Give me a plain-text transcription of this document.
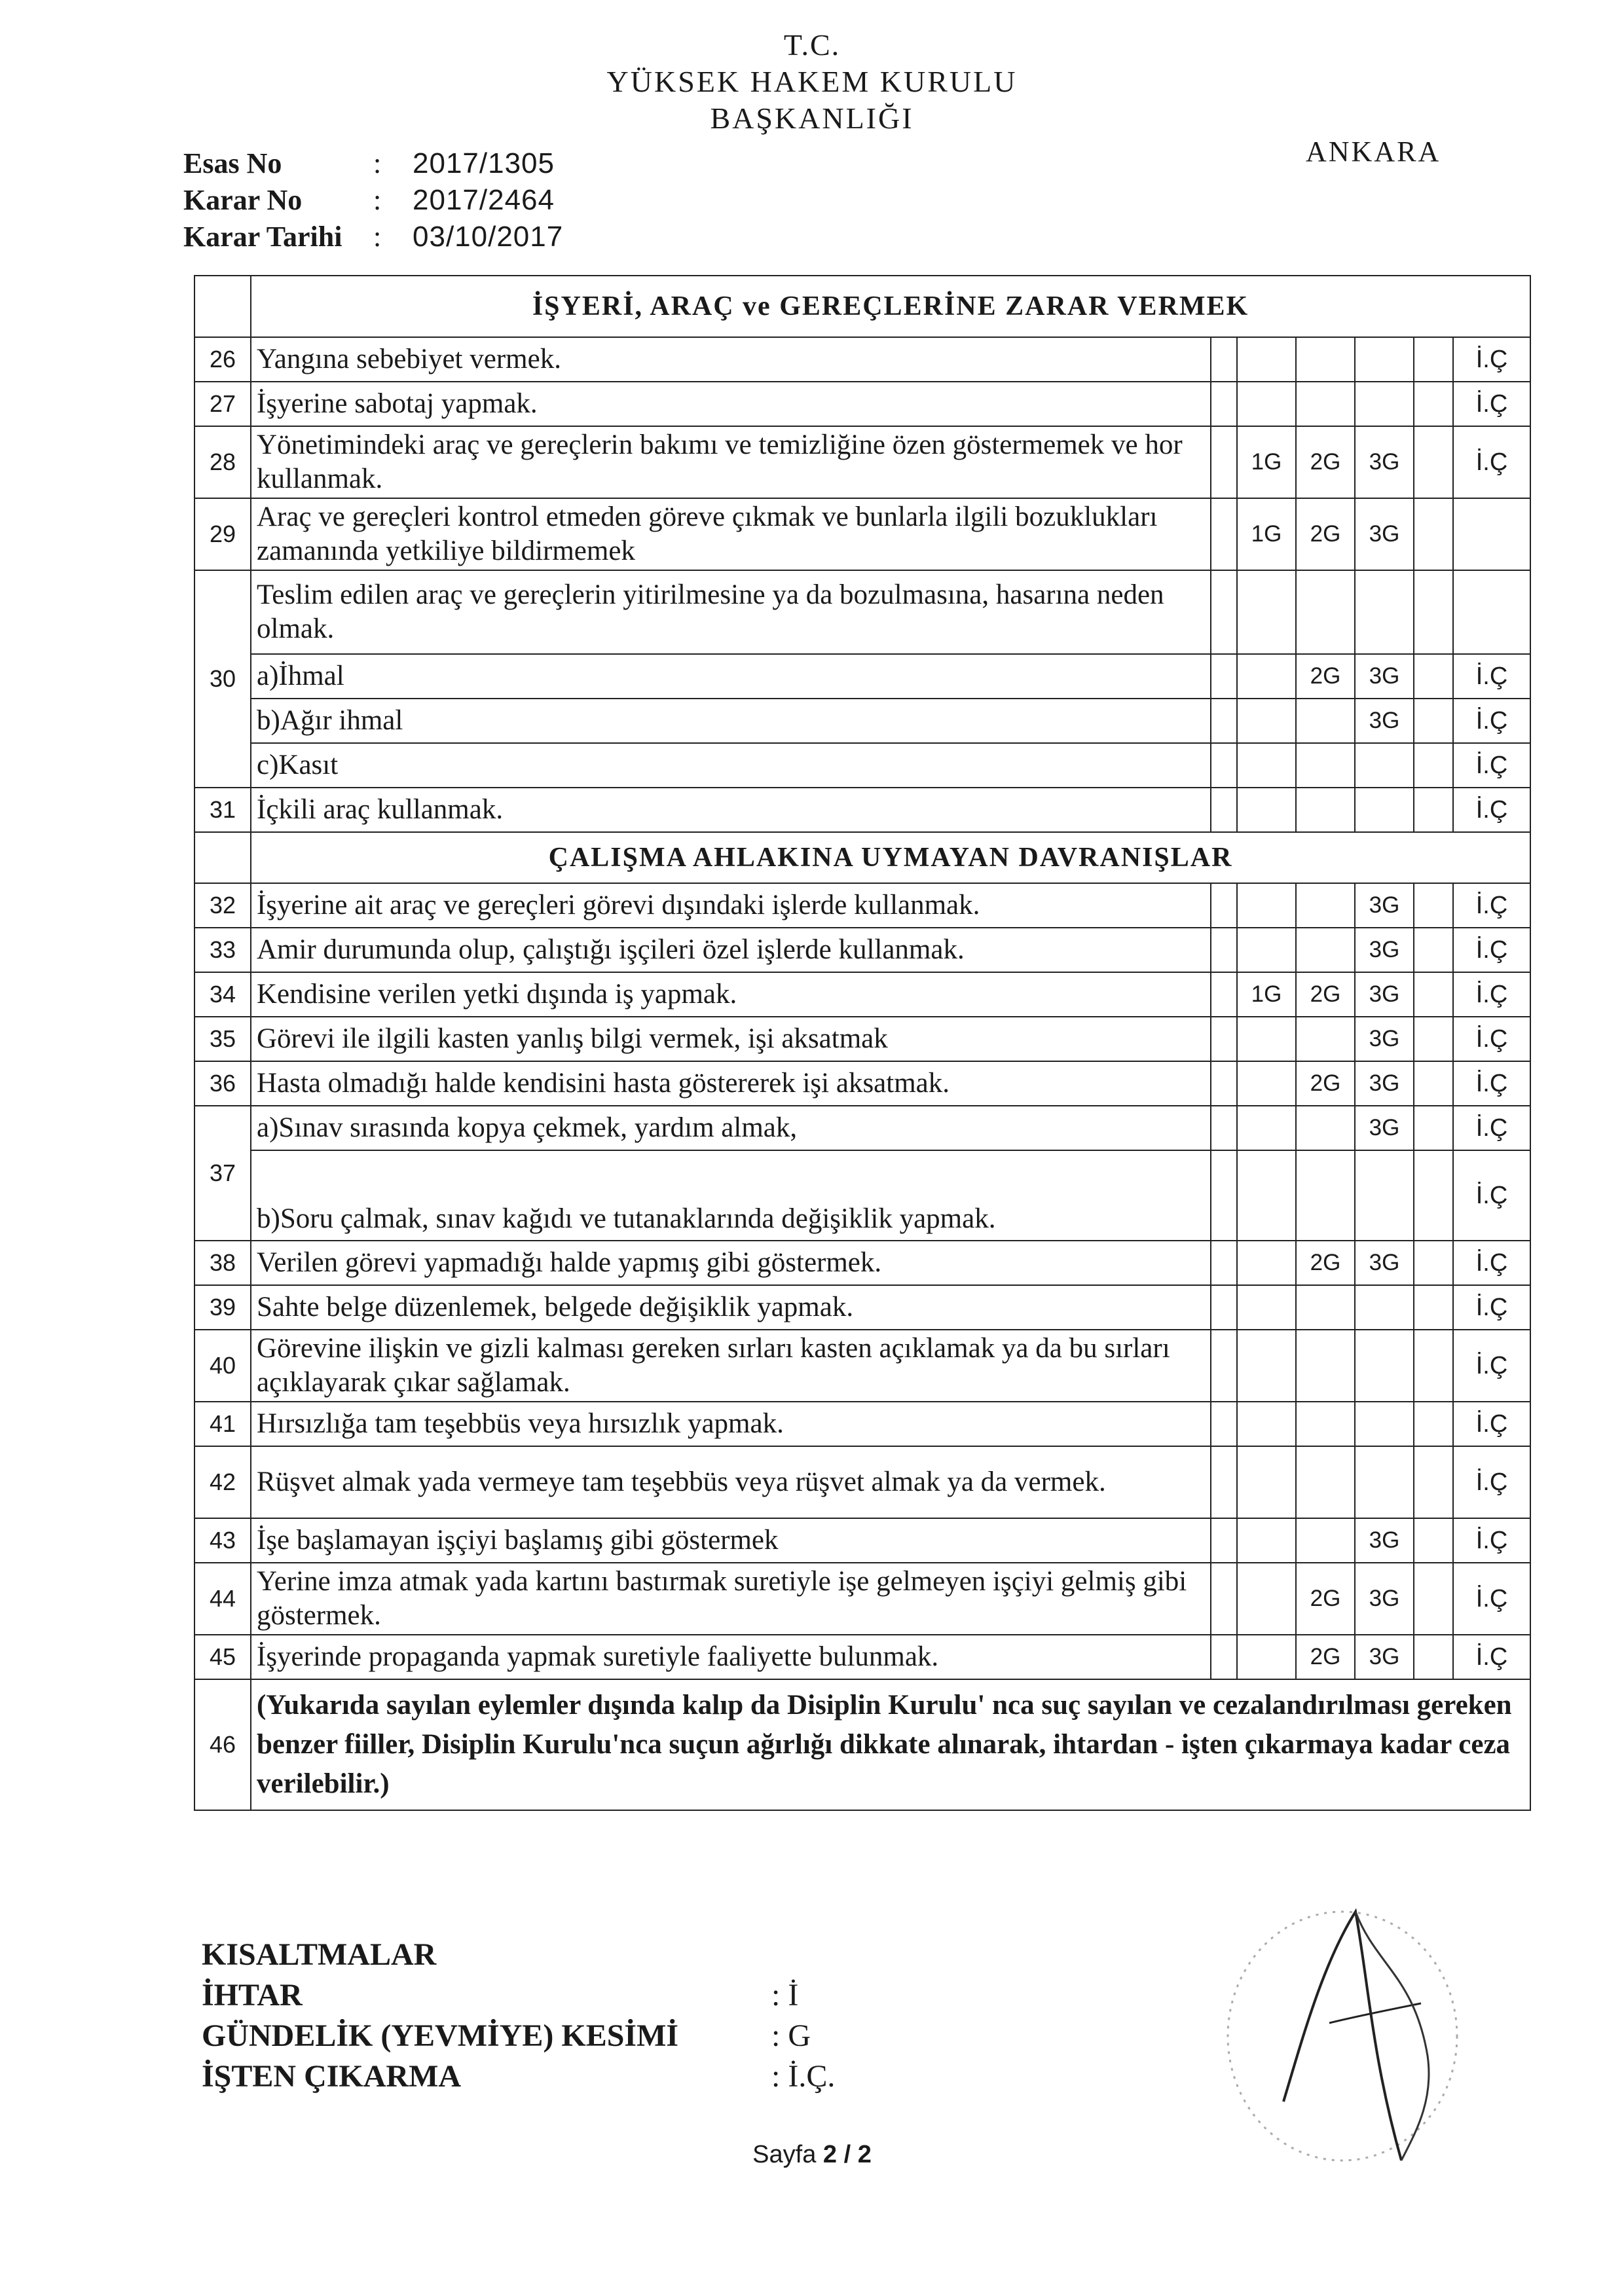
T.C.
YÜKSEK HAKEM KURULU
BAŞKANLIĞI
ANKARA
Esas No	:	2017/1305
Karar No	:	2017/2464
Karar Tarihi	:	03/10/2017
	İŞYERİ, ARAÇ ve GEREÇLERİNE ZARAR VERMEK						
26	Yangına sebebiyet vermek.						İ.Ç
27	İşyerine sabotaj yapmak.						İ.Ç
28	Yönetimindeki araç ve gereçlerin bakımı ve temizliğine özen göstermemek ve hor kullanmak.		1G	2G	3G		İ.Ç
29	Araç ve gereçleri kontrol etmeden göreve çıkmak ve bunlarla ilgili bozuklukları zamanında yetkiliye bildirmemek		1G	2G	3G		
30	Teslim edilen araç ve gereçlerin yitirilmesine ya da bozulmasına, hasarına neden olmak.						
	a)İhmal			2G	3G		İ.Ç
	b)Ağır ihmal				3G		İ.Ç
	c)Kasıt						İ.Ç
31	İçkili araç kullanmak.						İ.Ç
	ÇALIŞMA AHLAKINA UYMAYAN DAVRANIŞLAR						
32	İşyerine ait araç ve gereçleri görevi dışındaki işlerde kullanmak.				3G		İ.Ç
33	Amir durumunda olup, çalıştığı işçileri özel işlerde kullanmak.				3G		İ.Ç
34	Kendisine verilen yetki dışında iş yapmak.		1G	2G	3G		İ.Ç
35	Görevi ile ilgili kasten yanlış bilgi vermek, işi aksatmak				3G		İ.Ç
36	Hasta olmadığı halde kendisini hasta göstererek işi aksatmak.			2G	3G		İ.Ç
37	a)Sınav sırasında kopya çekmek, yardım almak,				3G		İ.Ç
	b)Soru çalmak, sınav kağıdı ve tutanaklarında değişiklik yapmak.						İ.Ç
38	Verilen görevi yapmadığı halde yapmış gibi göstermek.			2G	3G		İ.Ç
39	Sahte belge düzenlemek, belgede değişiklik yapmak.						İ.Ç
40	Görevine ilişkin ve gizli kalması gereken sırları kasten açıklamak ya da bu sırları açıklayarak çıkar sağlamak.						İ.Ç
41	Hırsızlığa tam teşebbüs veya hırsızlık yapmak.						İ.Ç
42	Rüşvet almak yada vermeye tam teşebbüs veya rüşvet almak ya da vermek.						İ.Ç
43	İşe başlamayan işçiyi başlamış gibi göstermek				3G		İ.Ç
44	Yerine imza atmak yada kartını bastırmak suretiyle işe gelmeyen işçiyi gelmiş gibi göstermek.			2G	3G		İ.Ç
45	İşyerinde propaganda yapmak suretiyle faaliyette bulunmak.			2G	3G		İ.Ç
46	(Yukarıda sayılan eylemler dışında kalıp da Disiplin Kurulu' nca suç sayılan ve cezalandırılması gereken benzer fiiller, Disiplin Kurulu'nca suçun ağırlığı dikkate alınarak, ihtardan - işten çıkarmaya kadar ceza verilebilir.)						
KISALTMALAR
İHTAR	: İ
GÜNDELİK (YEVMİYE) KESİMİ	: G
İŞTEN ÇIKARMA	: İ.Ç.
Sayfa 2 / 2
